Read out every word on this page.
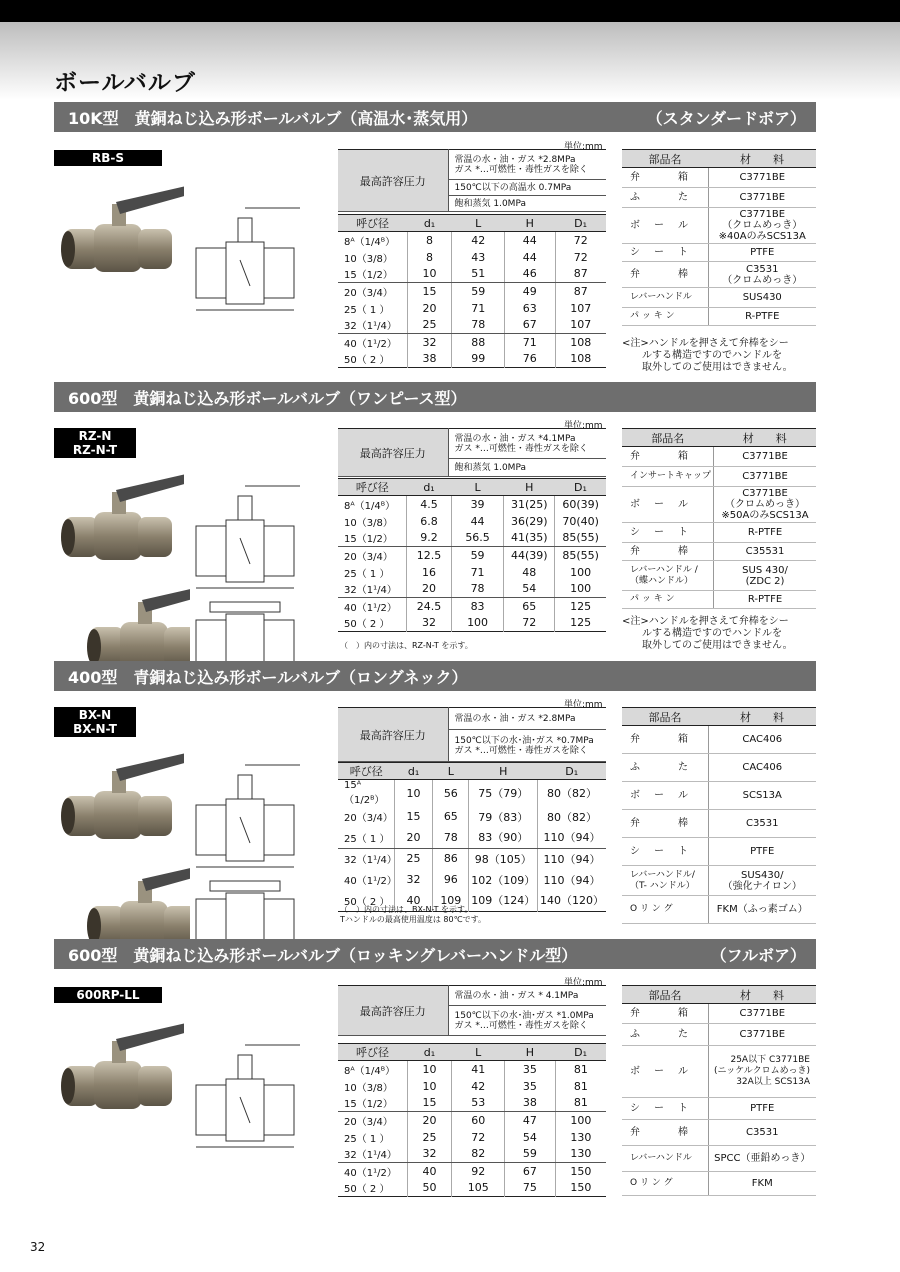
ボールバルブ
10K型 黄銅ねじ込み形ボールバルブ（高温水･蒸気用）	（スタンダードボア）
RB-S
単位:mm
最高許容圧力	常温の水・油・ガス *2.8MPa
ガス *…可燃性・毒性ガスを除く
150℃以下の高温水 0.7MPa
飽和蒸気 1.0MPa
呼び径	d₁	L	H	D₁
8ᴬ（1/4ᴮ）	8	42	44	72
10（3/8）	8	43	44	72
15（1/2）	10	51	46	87
20（3/4）	15	59	49	87
25（ 1 ）	20	71	63	107
32（1¹/4）	25	78	67	107
40（1¹/2）	32	88	71	108
50（ 2 ）	38	99	76	108
部品名	材　　料
弁　　　箱	C3771BE
ふ　　　た	C3771BE
ボ　ー　ル	C3771BE
（クロムめっき）
※40AのみSCS13A
シ　ー　ト	PTFE
弁　　　棒	C3531
（クロムめっき）
レバーハンドル	SUS430
パ ッ キ ン	R-PTFE
<注>ハンドルを押さえて弁棒をシー
　　ルする構造ですのでハンドルを
　　取外してのご使用はできません。
600型 黄銅ねじ込み形ボールバルブ（ワンピース型）
RZ-N
RZ-N-T
単位:mm
最高許容圧力	常温の水・油・ガス *4.1MPa
ガス *…可燃性・毒性ガスを除く
飽和蒸気 1.0MPa
呼び径	d₁	L	H	D₁
8ᴬ（1/4ᴮ）	4.5	39	31(25)	60(39)
10（3/8）	6.8	44	36(29)	70(40)
15（1/2）	9.2	56.5	41(35)	85(55)
20（3/4）	12.5	59	44(39)	85(55)
25（ 1 ）	16	71	48	100
32（1¹/4）	20	78	54	100
40（1¹/2）	24.5	83	65	125
50（ 2 ）	32	100	72	125
部品名	材　　料
弁　　　箱	C3771BE
インサートキャップ	C3771BE
ボ　ー　ル	C3771BE
（クロムめっき）
※50AのみSCS13A
シ　ー　ト	R-PTFE
弁　　　棒	C35531
レバーハンドル /
（蝶ハンドル）	SUS 430/
(ZDC 2)
パ ッ キ ン	R-PTFE
<注>ハンドルを押さえて弁棒をシー
　　ルする構造ですのでハンドルを
　　取外してのご使用はできません。
（　）内の寸法は、RZ-N-T を示す。
400型 青銅ねじ込み形ボールバルブ（ロングネック）
BX-N
BX-N-T
単位:mm
最高許容圧力	常温の水・油・ガス *2.8MPa
150℃以下の水･油･ガス *0.7MPa
ガス *…可燃性・毒性ガスを除く
呼び径	d₁	L	H	D₁
15ᴬ（1/2ᴮ）	10	56	75（79）	80（82）
20（3/4）	15	65	79（83）	80（82）
25（ 1 ）	20	78	83（90）	110（94）
32（1¹/4）	25	86	98（105）	110（94）
40（1¹/2）	32	96	102（109）	110（94）
50（ 2 ）	40	109	109（124）	140（120）
部品名	材　　料
弁　　　箱	CAC406
ふ　　　た	CAC406
ボ　ー　ル	SCS13A
弁　　　棒	C3531
シ　ー　ト	PTFE
レバーハンドル/
（T- ハンドル）	SUS430/
（強化ナイロン）
O リ ン グ	FKM（ふっ素ゴム）
（　）内の寸法は、BX-N-T を示す。
Tハンドルの最高使用温度は 80℃です。
600型 黄銅ねじ込み形ボールバルブ（ロッキングレバーハンドル型）	（フルボア）
600RP-LL
単位:mm
最高許容圧力	常温の水・油・ガス * 4.1MPa
150℃以下の水･油･ガス *1.0MPa
ガス *…可燃性・毒性ガスを除く
呼び径	d₁	L	H	D₁
8ᴬ（1/4ᴮ）	10	41	35	81
10（3/8）	10	42	35	81
15（1/2）	15	53	38	81
20（3/4）	20	60	47	100
25（ 1 ）	25	72	54	130
32（1¹/4）	32	82	59	130
40（1¹/2）	40	92	67	150
50（ 2 ）	50	105	75	150
部品名	材　　料
弁　　　箱	C3771BE
ふ　　　た	C3771BE
ボ　ー　ル	25A以下 C3771BE
(ニッケルクロムめっき)
32A以上 SCS13A
シ　ー　ト	PTFE
弁　　　棒	C3531
レバーハンドル	SPCC（亜鉛めっき）
O リ ン グ	FKM
32
